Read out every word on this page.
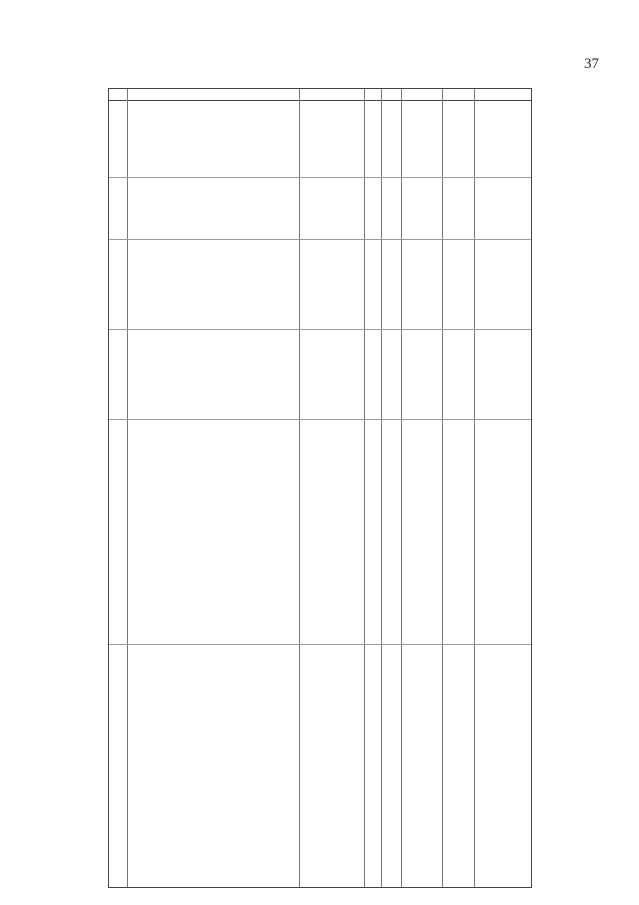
37
